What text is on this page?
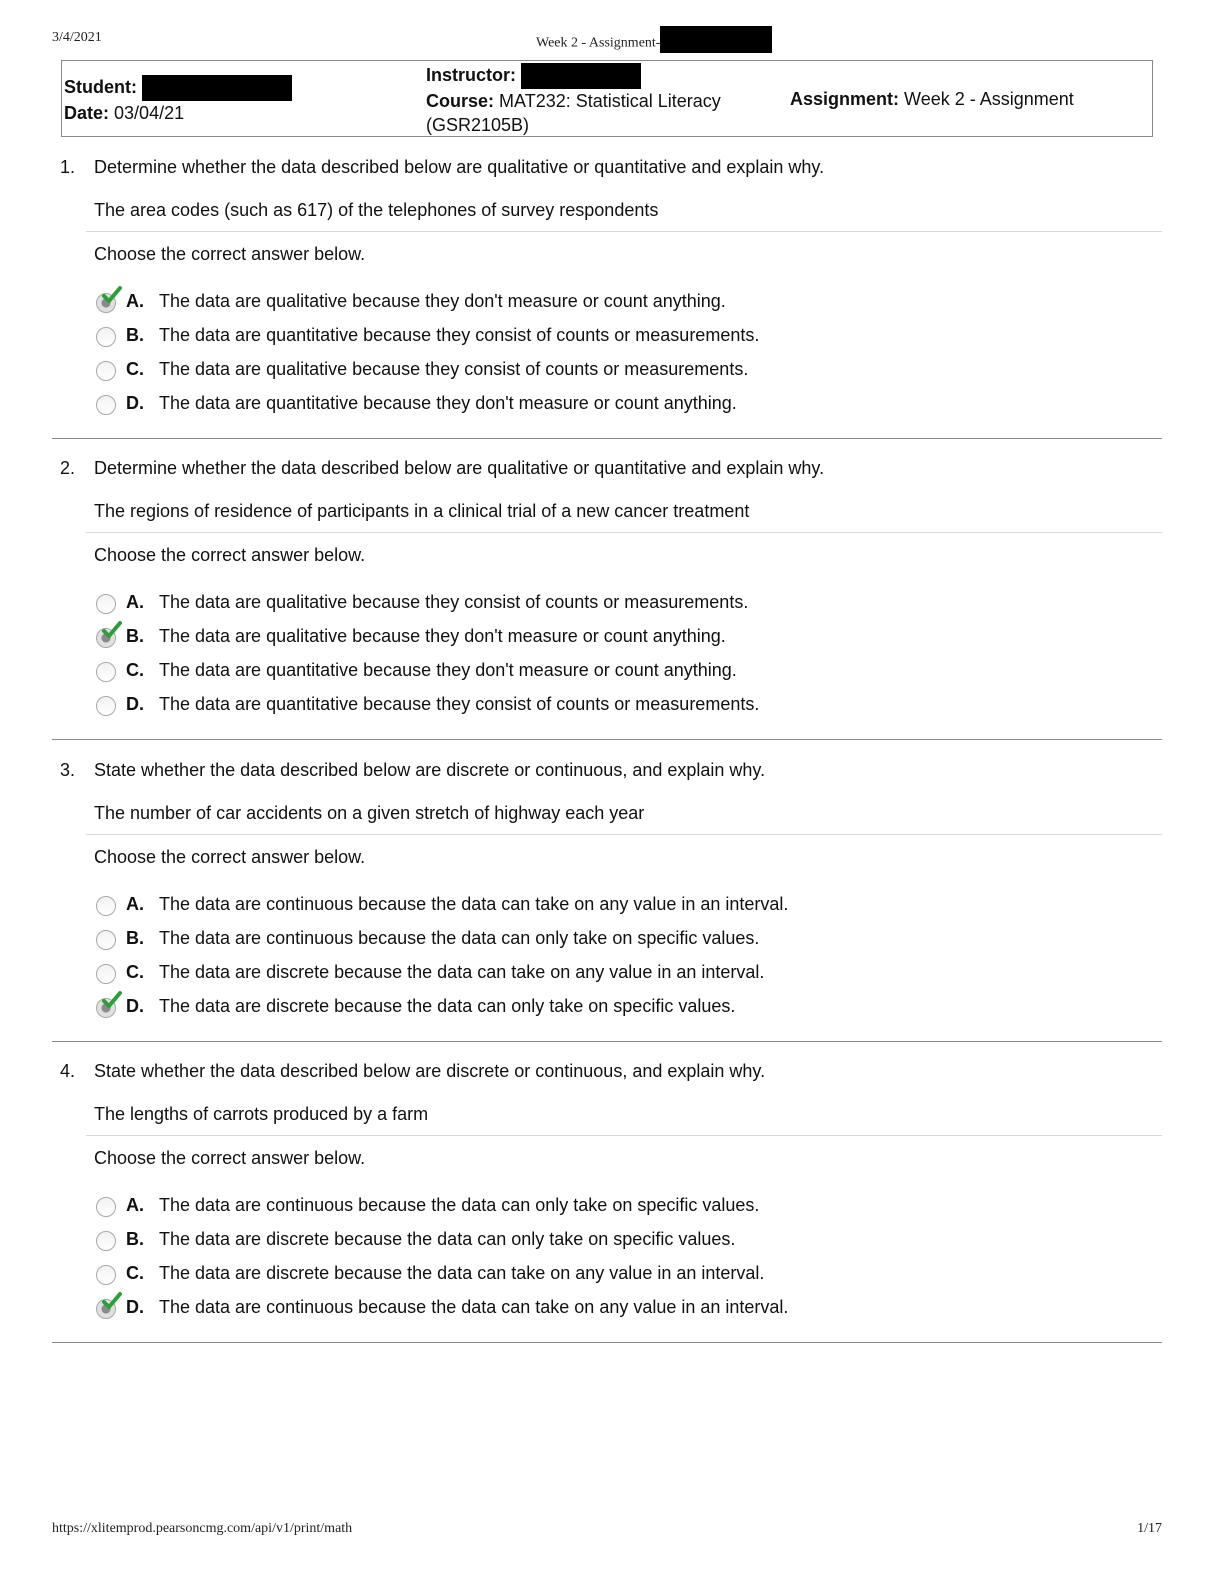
3/4/2021	Week 2 - Assignment-
Student:
Date: 03/04/21
Instructor:
Course: MAT232: Statistical Literacy
(GSR2105B)
Assignment: Week 2 - Assignment
1. Determine whether the data described below are qualitative or quantitative and explain why.
The area codes (such as 617) of the telephones of survey respondents
Choose the correct answer below.
A. The data are qualitative because they don't measure or count anything.
B. The data are quantitative because they consist of counts or measurements.
C. The data are qualitative because they consist of counts or measurements.
D. The data are quantitative because they don't measure or count anything.
2. Determine whether the data described below are qualitative or quantitative and explain why.
The regions of residence of participants in a clinical trial of a new cancer treatment
Choose the correct answer below.
A. The data are qualitative because they consist of counts or measurements.
B. The data are qualitative because they don't measure or count anything.
C. The data are quantitative because they don't measure or count anything.
D. The data are quantitative because they consist of counts or measurements.
3. State whether the data described below are discrete or continuous, and explain why.
The number of car accidents on a given stretch of highway each year
Choose the correct answer below.
A. The data are continuous because the data can take on any value in an interval.
B. The data are continuous because the data can only take on specific values.
C. The data are discrete because the data can take on any value in an interval.
D. The data are discrete because the data can only take on specific values.
4. State whether the data described below are discrete or continuous, and explain why.
The lengths of carrots produced by a farm
Choose the correct answer below.
A. The data are continuous because the data can only take on specific values.
B. The data are discrete because the data can only take on specific values.
C. The data are discrete because the data can take on any value in an interval.
D. The data are continuous because the data can take on any value in an interval.
https://xlitemprod.pearsoncmg.com/api/v1/print/math	1/17
